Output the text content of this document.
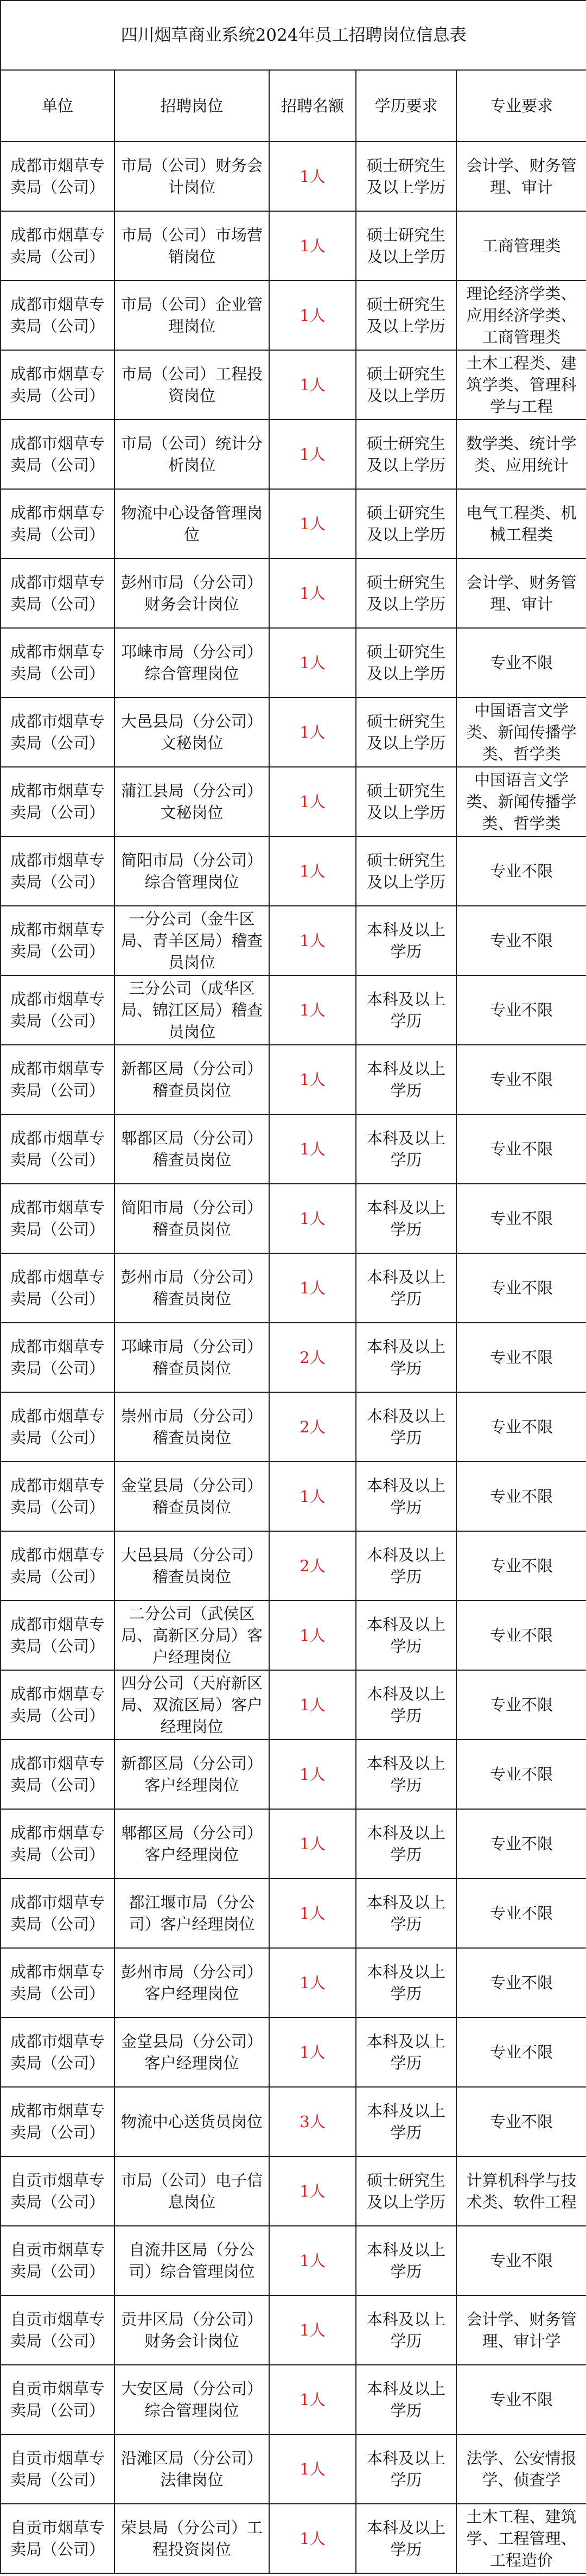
四川烟草商业系统2024年员工招聘岗位信息表				
单位	招聘岗位	招聘名额	学历要求	专业要求
成都市烟草专卖局（公司）	市局（公司）财务会计岗位	1人	硕士研究生及以上学历	会计学、财务管理、审计
成都市烟草专卖局（公司）	市局（公司）市场营销岗位	1人	硕士研究生及以上学历	工商管理类
成都市烟草专卖局（公司）	市局（公司）企业管理岗位	1人	硕士研究生及以上学历	理论经济学类、应用经济学类、工商管理类
成都市烟草专卖局（公司）	市局（公司）工程投资岗位	1人	硕士研究生及以上学历	土木工程类、建筑学类、管理科学与工程
成都市烟草专卖局（公司）	市局（公司）统计分析岗位	1人	硕士研究生及以上学历	数学类、统计学类、应用统计
成都市烟草专卖局（公司）	物流中心设备管理岗位	1人	硕士研究生及以上学历	电气工程类、机械工程类
成都市烟草专卖局（公司）	彭州市局（分公司）财务会计岗位	1人	硕士研究生及以上学历	会计学、财务管理、审计
成都市烟草专卖局（公司）	邛崃市局（分公司）综合管理岗位	1人	硕士研究生及以上学历	专业不限
成都市烟草专卖局（公司）	大邑县局（分公司）文秘岗位	1人	硕士研究生及以上学历	中国语言文学类、新闻传播学类、哲学类
成都市烟草专卖局（公司）	蒲江县局（分公司）文秘岗位	1人	硕士研究生及以上学历	中国语言文学类、新闻传播学类、哲学类
成都市烟草专卖局（公司）	简阳市局（分公司）综合管理岗位	1人	硕士研究生及以上学历	专业不限
成都市烟草专卖局（公司）	一分公司（金牛区局、青羊区局）稽查员岗位	1人	本科及以上学历	专业不限
成都市烟草专卖局（公司）	三分公司（成华区局、锦江区局）稽查员岗位	1人	本科及以上学历	专业不限
成都市烟草专卖局（公司）	新都区局（分公司）稽查员岗位	1人	本科及以上学历	专业不限
成都市烟草专卖局（公司）	郫都区局（分公司）稽查员岗位	1人	本科及以上学历	专业不限
成都市烟草专卖局（公司）	简阳市局（分公司）稽查员岗位	1人	本科及以上学历	专业不限
成都市烟草专卖局（公司）	彭州市局（分公司）稽查员岗位	1人	本科及以上学历	专业不限
成都市烟草专卖局（公司）	邛崃市局（分公司）稽查员岗位	2人	本科及以上学历	专业不限
成都市烟草专卖局（公司）	崇州市局（分公司）稽查员岗位	2人	本科及以上学历	专业不限
成都市烟草专卖局（公司）	金堂县局（分公司）稽查员岗位	1人	本科及以上学历	专业不限
成都市烟草专卖局（公司）	大邑县局（分公司）稽查员岗位	2人	本科及以上学历	专业不限
成都市烟草专卖局（公司）	二分公司（武侯区局、高新区分局）客户经理岗位	1人	本科及以上学历	专业不限
成都市烟草专卖局（公司）	四分公司（天府新区局、双流区局）客户经理岗位	1人	本科及以上学历	专业不限
成都市烟草专卖局（公司）	新都区局（分公司）客户经理岗位	1人	本科及以上学历	专业不限
成都市烟草专卖局（公司）	郫都区局（分公司）客户经理岗位	1人	本科及以上学历	专业不限
成都市烟草专卖局（公司）	都江堰市局（分公司）客户经理岗位	1人	本科及以上学历	专业不限
成都市烟草专卖局（公司）	彭州市局（分公司）客户经理岗位	1人	本科及以上学历	专业不限
成都市烟草专卖局（公司）	金堂县局（分公司）客户经理岗位	1人	本科及以上学历	专业不限
成都市烟草专卖局（公司）	物流中心送货员岗位	3人	本科及以上学历	专业不限
自贡市烟草专卖局（公司）	市局（公司）电子信息岗位	1人	硕士研究生及以上学历	计算机科学与技术类、软件工程
自贡市烟草专卖局（公司）	自流井区局（分公司）综合管理岗位	1人	本科及以上学历	专业不限
自贡市烟草专卖局（公司）	贡井区局（分公司）财务会计岗位	1人	本科及以上学历	会计学、财务管理、审计学
自贡市烟草专卖局（公司）	大安区局（分公司）综合管理岗位	1人	本科及以上学历	专业不限
自贡市烟草专卖局（公司）	沿滩区局（分公司）法律岗位	1人	本科及以上学历	法学、公安情报学、侦查学
自贡市烟草专卖局（公司）	荣县局（分公司）工程投资岗位	1人	本科及以上学历	土木工程、建筑学、工程管理、工程造价
